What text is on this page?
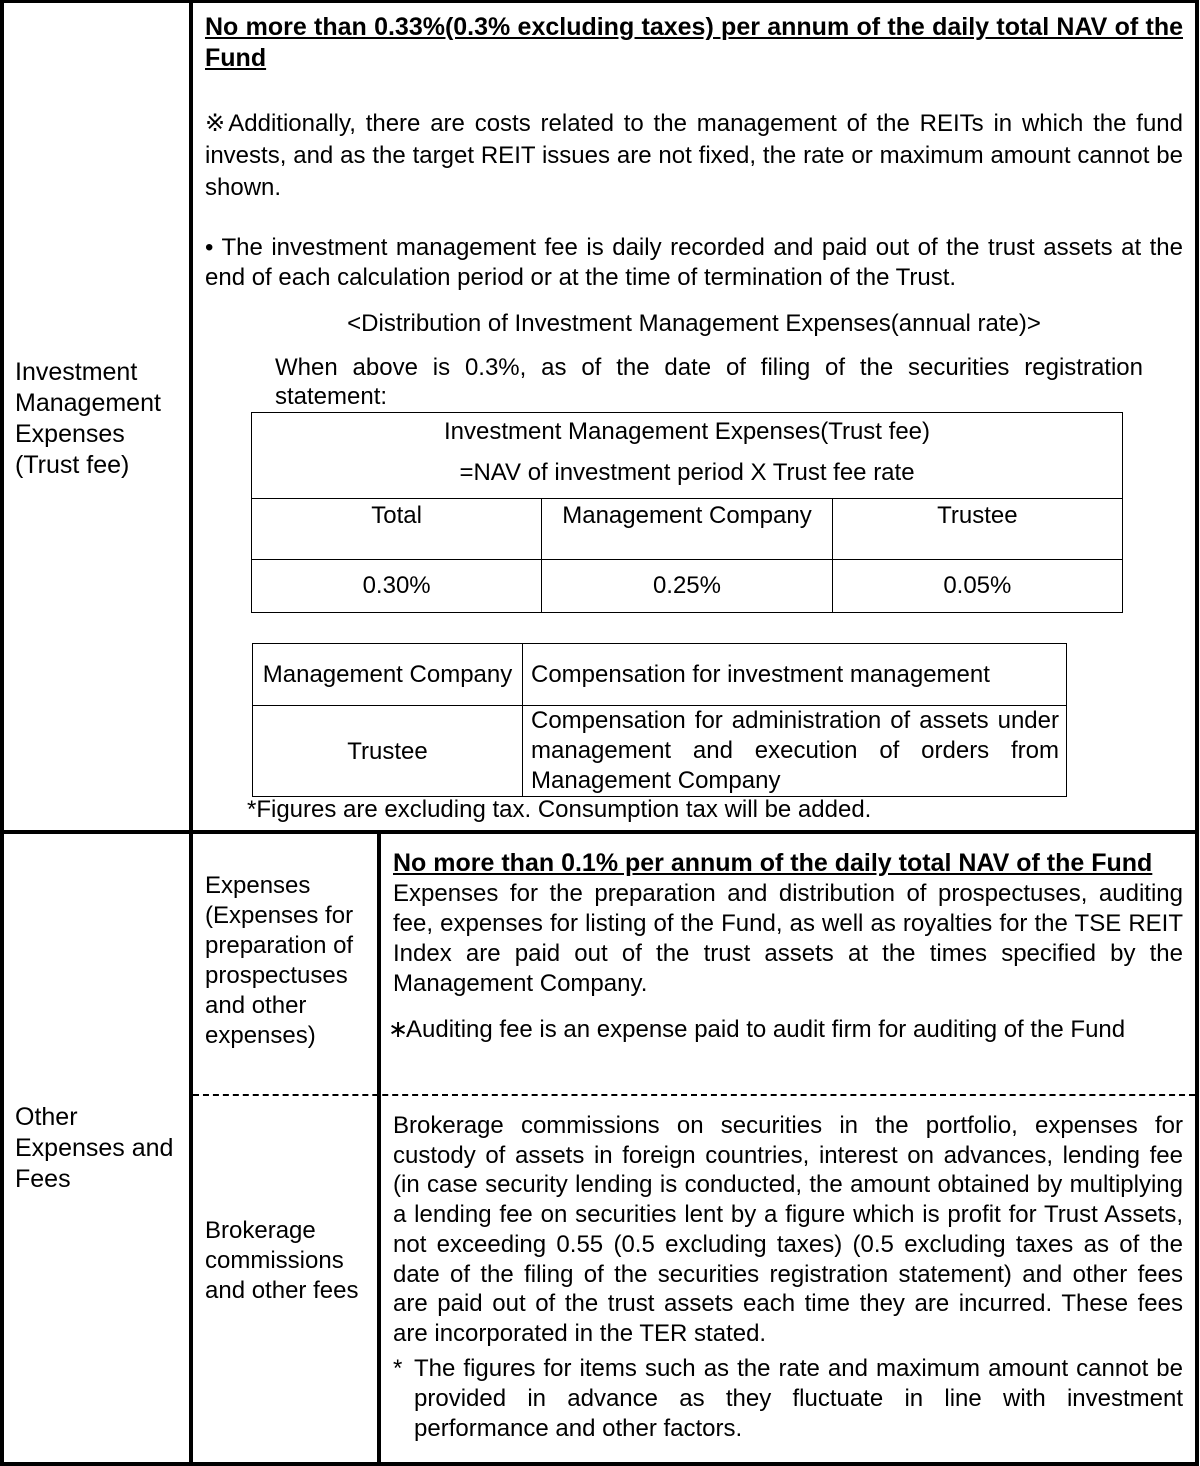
Investment Management Expenses (Trust fee)
No more than 0.33%(0.3% excluding taxes) per annum of the daily total NAV of the Fund
※Additionally, there are costs related to the management of the REITs in which the fund invests, and as the target REIT issues are not fixed, the rate or maximum amount cannot be shown.
• The investment management fee is daily recorded and paid out of the trust assets at the end of each calculation period or at the time of termination of the Trust.
<Distribution of Investment Management Expenses(annual rate)>
When above is 0.3%, as of the date of filing of the securities registration statement:
Investment Management Expenses(Trust fee)
=NAV of investment period X Trust fee rate
Total	Management Company	Trustee
0.30%	0.25%	0.05%
Management Company	Compensation for investment management
Trustee	Compensation for administration of assets under management and execution of orders from Management Company
*Figures are excluding tax. Consumption tax will be added.
Other Expenses and Fees
Expenses (Expenses for preparation of prospectuses and other expenses)
No more than 0.1% per annum of the daily total NAV of the Fund
Expenses for the preparation and distribution of prospectuses, auditing fee, expenses for listing of the Fund, as well as royalties for the TSE REIT Index are paid out of the trust assets at the times specified by the Management Company.
∗
Auditing fee is an expense paid to audit firm for auditing of the Fund
Brokerage commissions and other fees
Brokerage commissions on securities in the portfolio, expenses for custody of assets in foreign countries, interest on advances, lending fee (in case security lending is conducted, the amount obtained by multiplying a lending fee on securities lent by a figure which is profit for Trust Assets, not exceeding 0.55 (0.5 excluding taxes) (0.5 excluding taxes as of the date of the filing of the securities registration statement) and other fees are paid out of the trust assets each time they are incurred. These fees are incorporated in the TER stated.
* The figures for items such as the rate and maximum amount cannot be provided in advance as they fluctuate in line with investment performance and other factors.
